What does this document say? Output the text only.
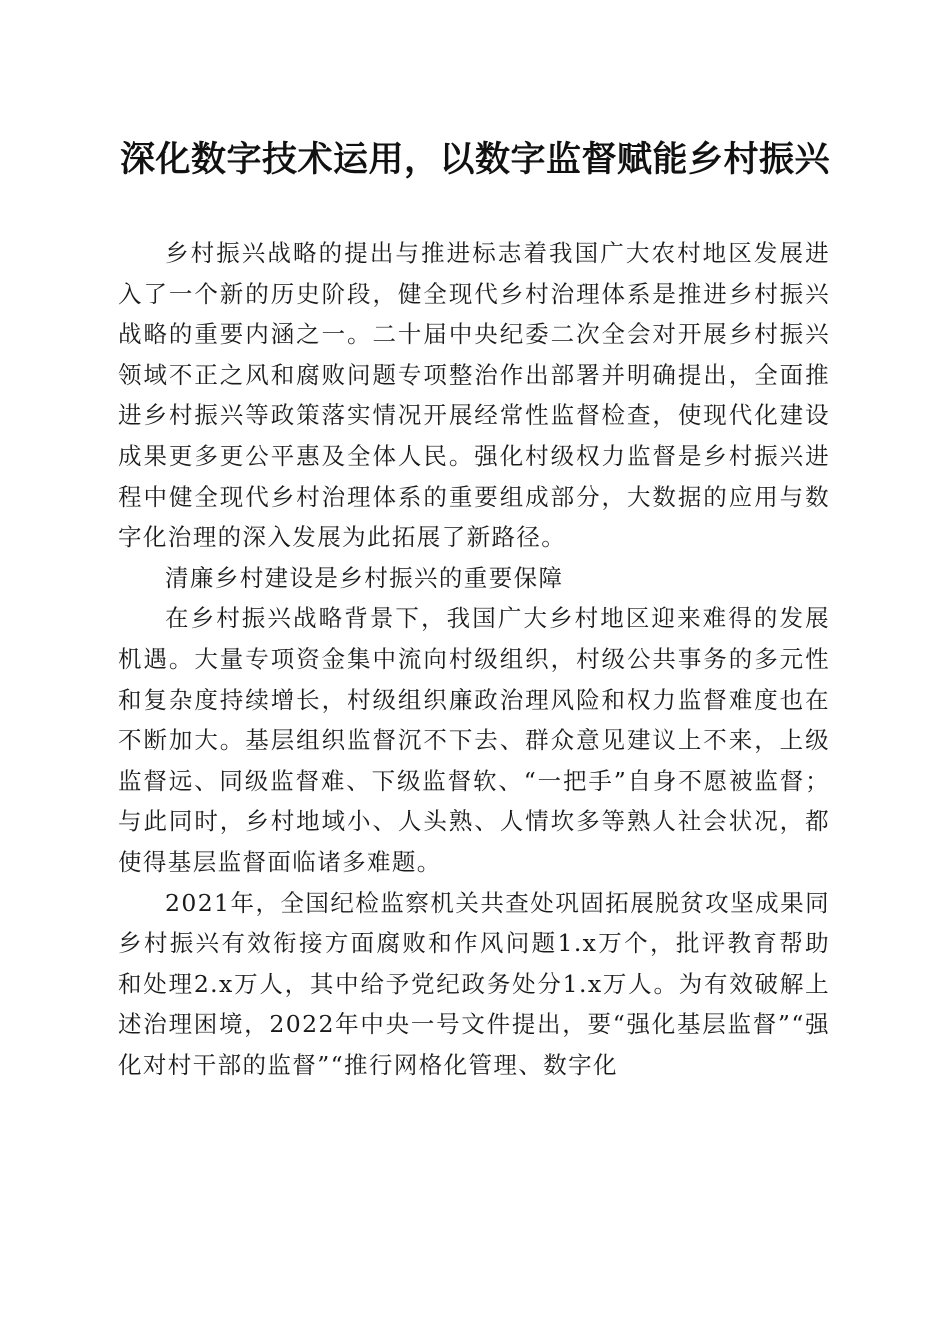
深化数字技术运用，以数字监督赋能乡村振兴

乡村振兴战略的提出与推进标志着我国广大农村地区发展进入了一个新的历史阶段，健全现代乡村治理体系是推进乡村振兴战略的重要内涵之一。二十届中央纪委二次全会对开展乡村振兴领域不正之风和腐败问题专项整治作出部署并明确提出，全面推进乡村振兴等政策落实情况开展经常性监督检查，使现代化建设成果更多更公平惠及全体人民。强化村级权力监督是乡村振兴进程中健全现代乡村治理体系的重要组成部分，大数据的应用与数字化治理的深入发展为此拓展了新路径。

清廉乡村建设是乡村振兴的重要保障

在乡村振兴战略背景下，我国广大乡村地区迎来难得的发展机遇。大量专项资金集中流向村级组织，村级公共事务的多元性和复杂度持续增长，村级组织廉政治理风险和权力监督难度也在不断加大。基层组织监督沉不下去、群众意见建议上不来，上级监督远、同级监督难、下级监督软、“一把手”自身不愿被监督；与此同时，乡村地域小、人头熟、人情坎多等熟人社会状况，都使得基层监督面临诸多难题。

2021年，全国纪检监察机关共查处巩固拓展脱贫攻坚成果同乡村振兴有效衔接方面腐败和作风问题1.x万个，批评教育帮助和处理2.x万人，其中给予党纪政务处分1.x万人。为有效破解上述治理困境，2022年中央一号文件提出，要“强化基层监督”“强化对村干部的监督”“推行网格化管理、数字化
